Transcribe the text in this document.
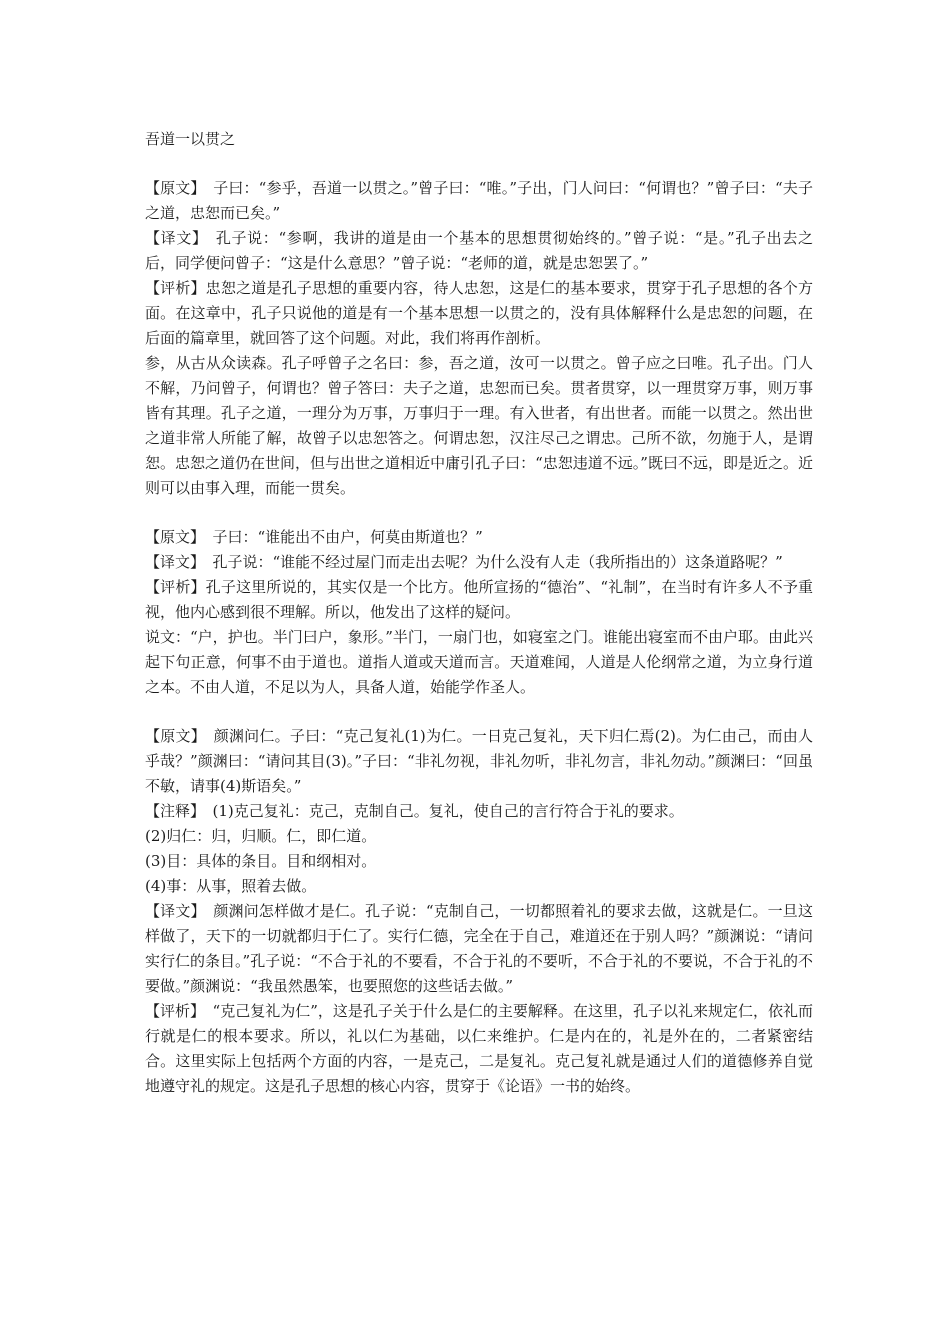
吾道一以贯之

【原文】　子曰：“参乎，吾道一以贯之。”曾子曰：“唯。”子出，门人问曰：“何谓也？”曾子曰：“夫子之道，忠恕而已矣。”

【译文】　孔子说：“参啊，我讲的道是由一个基本的思想贯彻始终的。”曾子说：“是。”孔子出去之后，同学便问曾子：“这是什么意思？”曾子说：“老师的道，就是忠恕罢了。”

【评析】忠恕之道是孔子思想的重要内容，待人忠恕，这是仁的基本要求，贯穿于孔子思想的各个方面。在这章中，孔子只说他的道是有一个基本思想一以贯之的，没有具体解释什么是忠恕的问题，在后面的篇章里，就回答了这个问题。对此，我们将再作剖析。

参，从古从众读森。孔子呼曾子之名曰：参，吾之道，汝可一以贯之。曾子应之曰唯。孔子出。门人不解，乃问曾子，何谓也？曾子答曰：夫子之道，忠恕而已矣。贯者贯穿，以一理贯穿万事，则万事皆有其理。孔子之道，一理分为万事，万事归于一理。有入世者，有出世者。而能一以贯之。然出世之道非常人所能了解，故曾子以忠恕答之。何谓忠恕，汉注尽己之谓忠。己所不欲，勿施于人，是谓恕。忠恕之道仍在世间，但与出世之道相近中庸引孔子曰：“忠恕违道不远。”既曰不远，即是近之。近则可以由事入理，而能一贯矣。

【原文】　子曰：“谁能出不由户，何莫由斯道也？”

【译文】　孔子说：“谁能不经过屋门而走出去呢？为什么没有人走（我所指出的）这条道路呢？”

【评析】孔子这里所说的，其实仅是一个比方。他所宣扬的“德治”、“礼制”，在当时有许多人不予重视，他内心感到很不理解。所以，他发出了这样的疑问。

说文：“户，护也。半门曰户，象形。”半门，一扇门也，如寝室之门。谁能出寝室而不由户耶。由此兴起下句正意，何事不由于道也。道指人道或天道而言。天道难闻，人道是人伦纲常之道，为立身行道之本。不由人道，不足以为人，具备人道，始能学作圣人。

【原文】　颜渊问仁。子曰：“克己复礼(1)为仁。一日克己复礼，天下归仁焉(2)。为仁由己，而由人乎哉？”颜渊曰：“请问其目(3)。”子曰：“非礼勿视，非礼勿听，非礼勿言，非礼勿动。”颜渊曰：“回虽不敏，请事(4)斯语矣。”

【注释】　(1)克己复礼：克己，克制自己。复礼，使自己的言行符合于礼的要求。

(2)归仁：归，归顺。仁，即仁道。

(3)目：具体的条目。目和纲相对。

(4)事：从事，照着去做。

【译文】　颜渊问怎样做才是仁。孔子说：“克制自己，一切都照着礼的要求去做，这就是仁。一旦这样做了，天下的一切就都归于仁了。实行仁德，完全在于自己，难道还在于别人吗？”颜渊说：“请问实行仁的条目。”孔子说：“不合于礼的不要看，不合于礼的不要听，不合于礼的不要说，不合于礼的不要做。”颜渊说：“我虽然愚笨，也要照您的这些话去做。”

【评析】　“克己复礼为仁”，这是孔子关于什么是仁的主要解释。在这里，孔子以礼来规定仁，依礼而行就是仁的根本要求。所以，礼以仁为基础，以仁来维护。仁是内在的，礼是外在的，二者紧密结合。这里实际上包括两个方面的内容，一是克己，二是复礼。克己复礼就是通过人们的道德修养自觉地遵守礼的规定。这是孔子思想的核心内容，贯穿于《论语》一书的始终。
